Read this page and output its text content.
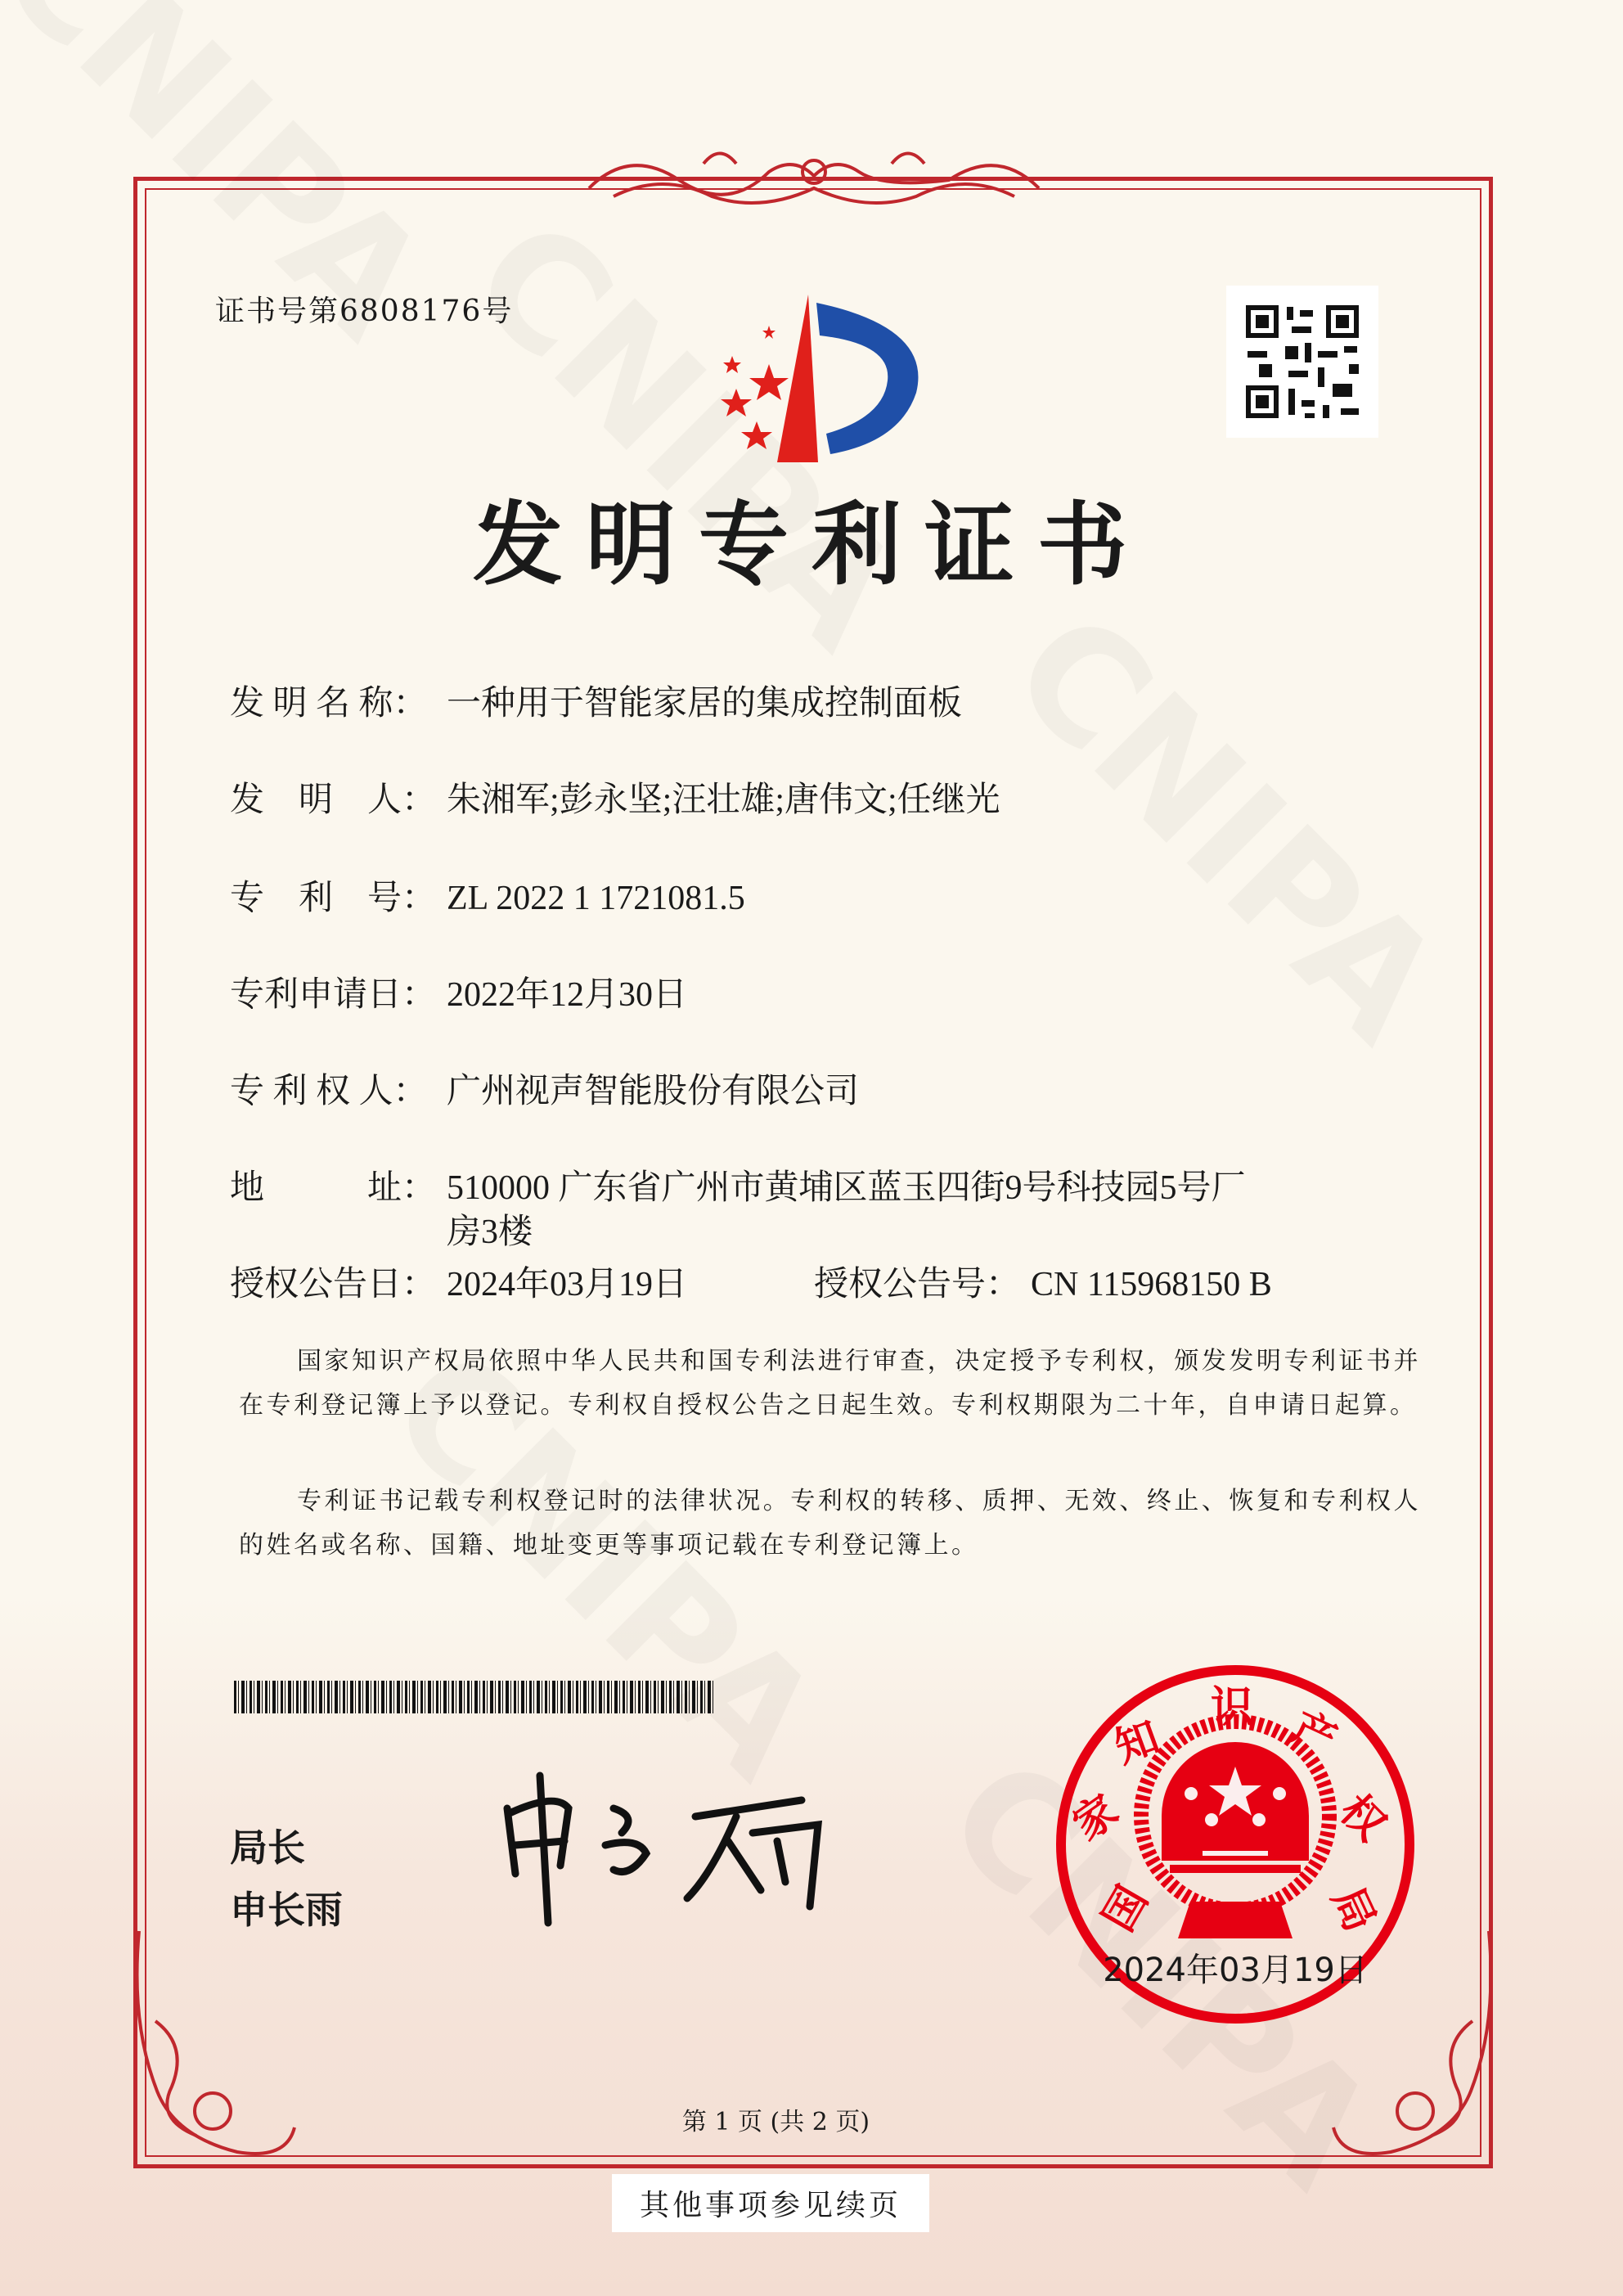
证书号第6808176号
发明专利证书
发 明 名 称： 一种用于智能家居的集成控制面板
发　明　人： 朱湘军;彭永坚;汪壮雄;唐伟文;任继光
专　利　号： ZL 2022 1 1721081.5
专利申请日： 2022年12月30日
专 利 权 人： 广州视声智能股份有限公司
地　　　址： 510000 广东省广州市黄埔区蓝玉四街9号科技园5号厂
房3楼
授权公告日： 2024年03月19日	授权公告号： CN 115968150 B
国家知识产权局依照中华人民共和国专利法进行审查，决定授予专利权，颁发发明专利证书并在专利登记簿上予以登记。专利权自授权公告之日起生效。专利权期限为二十年，自申请日起算。
专利证书记载专利权登记时的法律状况。专利权的转移、质押、无效、终止、恢复和专利权人的姓名或名称、国籍、地址变更等事项记载在专利登记簿上。
局长
申长雨	国
家
知
识 产
权
局
2024年03月19日
第 1 页 (共 2 页)
其他事项参见续页
